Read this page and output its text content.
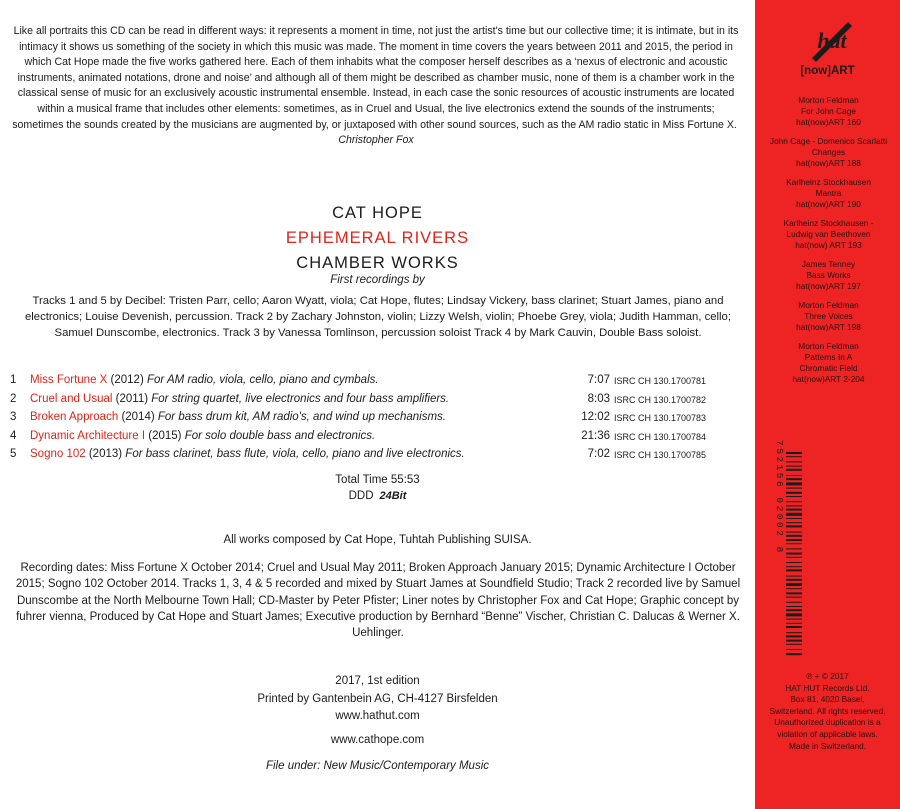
Like all portraits this CD can be read in different ways: it represents a moment in time, not just the artist's time but our collective time; it is intimate, but in its intimacy it shows us something of the society in which this music was made. The moment in time covers the years between 2011 and 2015, the period in which Cat Hope made the five works gathered here. Each of them inhabits what the composer herself describes as a ‘nexus of electronic and acoustic instruments, animated notations, drone and noise’ and although all of them might be described as chamber music, none of them is a chamber work in the classical sense of music for an exclusively acoustic instrumental ensemble. Instead, in each case the sonic resources of acoustic instruments are located within a musical frame that includes other elements: sometimes, as in Cruel and Usual, the live electronics extend the sounds of the instruments; sometimes the sounds created by the musicians are augmented by, or juxtaposed with other sound sources, such as the AM radio static in Miss Fortune X.  Christopher Fox

CAT HOPE
EPHEMERAL RIVERS
CHAMBER WORKS
First recordings by

Tracks 1 and 5 by Decibel: Tristen Parr, cello; Aaron Wyatt, viola; Cat Hope, flutes; Lindsay Vickery, bass clarinet; Stuart James, piano and electronics; Louise Devenish, percussion. Track 2 by Zachary Johnston, violin; Lizzy Welsh, violin; Phoebe Grey, viola; Judith Hamman, cello; Samuel Dunscombe, electronics. Track 3 by Vanessa Tomlinson, percussion soloist Track 4 by Mark Cauvin, Double Bass soloist.

1 Miss Fortune X (2012) For AM radio, viola, cello, piano and cymbals.	7:07 ISRC CH 130.1700781
2 Cruel and Usual (2011) For string quartet, live electronics and four bass amplifiers.	8:03 ISRC CH 130.1700782
3 Broken Approach (2014) For bass drum kit, AM radio's, and wind up mechanisms.	12:02 ISRC CH 130.1700783
4 Dynamic Architecture I (2015) For solo double bass and electronics.	21:36 ISRC CH 130.1700784
5 Sogno 102 (2013) For bass clarinet, bass flute, viola, cello, piano and live electronics.	7:02 ISRC CH 130.1700785
Total Time 55:53
DDD 24Bit
All works composed by Cat Hope, Tuhtah Publishing SUISA.

Recording dates: Miss Fortune X October 2014; Cruel and Usual May 2011; Broken Approach January 2015; Dynamic Architecture I October 2015; Sogno 102 October 2014. Tracks 1, 3, 4 & 5 recorded and mixed by Stuart James at Soundfield Studio; Track 2 recorded live by Samuel Dunscombe at the North Melbourne Town Hall; CD-Master by Peter Pfister; Liner notes by Christopher Fox and Cat Hope; Graphic concept by fuhrer vienna, Produced by Cat Hope and Stuart James; Executive production by Bernhard “Benne” Vischer, Christian C. Dalucas & Werner X. Uehlinger.

2017, 1st edition
Printed by Gantenbein AG, CH-4127 Birsfelden
www.hathut.com
www.cathope.com
File under: New Music/Contemporary Music
hat
[now]ART
Morton Feldman
For John Cage
hat(now)ART 160
John Cage - Domenico Scarlatti
Changes
hat(now)ART 188
Karlheinz Stockhausen
Mantra
hat(now)ART 190
Karlheinz Stockhausen -
Ludwig van Beethoven
hat(now) ART 193
James Tenney
Bass Works
hat(now)ART 197
Morton Feldman
Three Voices
hat(now)ART 198
Morton Feldman
Patterns In A
Chromatic Field
hat(now)ART 2-204
752156 02002 8
℗ + © 2017
HAT HUT Records Ltd.
Box 81, 4020 Basel,
Switzerland. All rights reserved.
Unauthorized duplication is a
violation of applicable laws.
Made in Switzerland.
